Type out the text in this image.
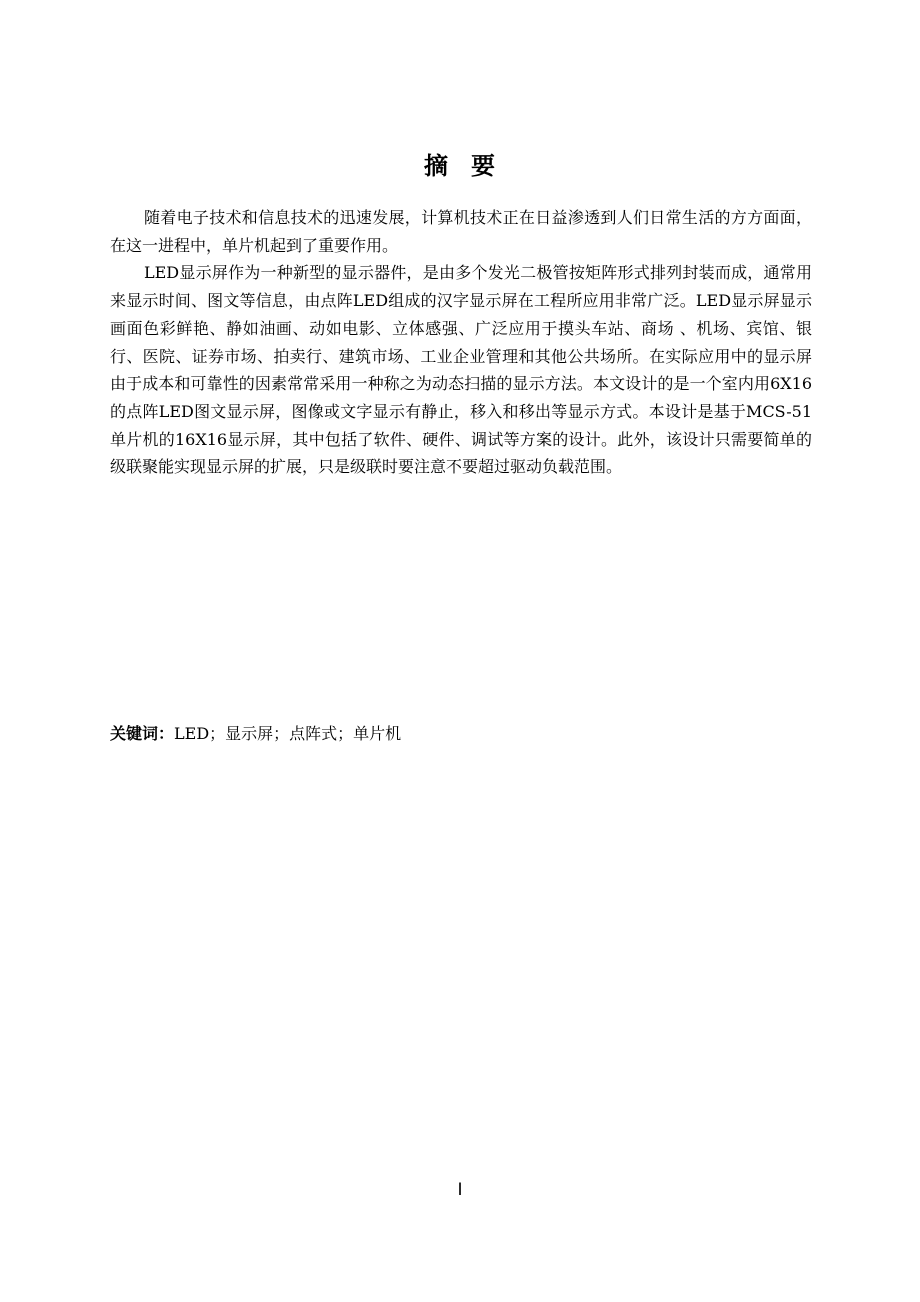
摘 要

随着电子技术和信息技术的迅速发展，计算机技术正在日益渗透到人们日常生活的方方面面，在这一进程中，单片机起到了重要作用。

LED显示屏作为一种新型的显示器件，是由多个发光二极管按矩阵形式排列封装而成，通常用来显示时间、图文等信息，由点阵LED组成的汉字显示屏在工程所应用非常广泛。LED显示屏显示画面色彩鲜艳、静如油画、动如电影、立体感强、广泛应用于摸头车站、商场 、机场、宾馆、银行、医院、证券市场、拍卖行、建筑市场、工业企业管理和其他公共场所。在实际应用中的显示屏由于成本和可靠性的因素常常采用一种称之为动态扫描的显示方法。本文设计的是一个室内用6X16的点阵LED图文显示屏，图像或文字显示有静止，移入和移出等显示方式。本设计是基于MCS-51单片机的16X16显示屏，其中包括了软件、硬件、调试等方案的设计。此外，该设计只需要简单的级联聚能实现显示屏的扩展，只是级联时要注意不要超过驱动负载范围。

关键词：LED；显示屏；点阵式；单片机
I
